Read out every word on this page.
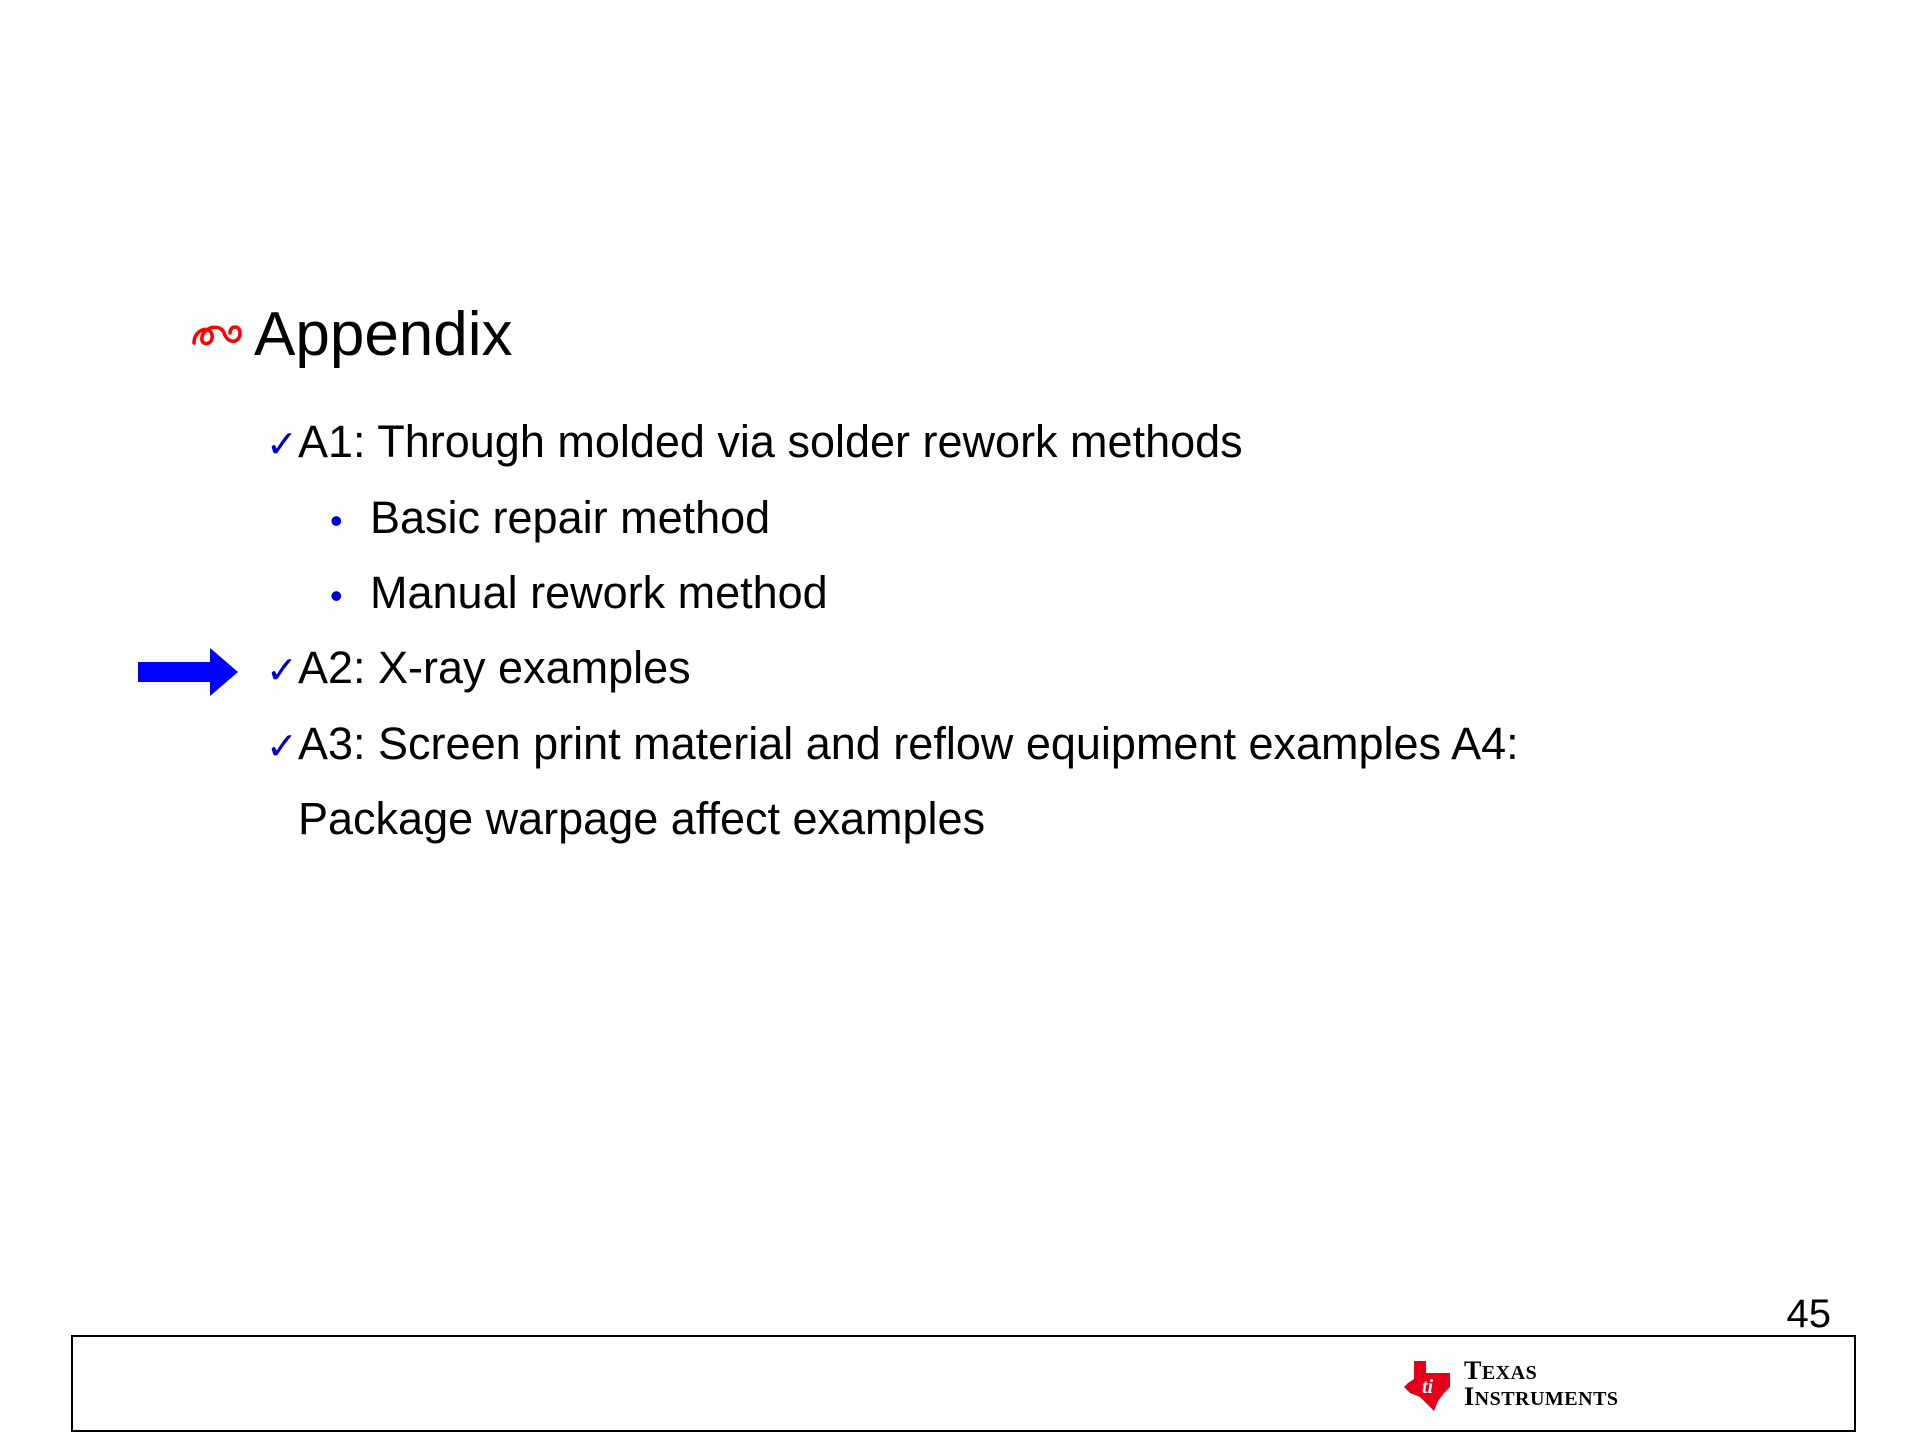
Appendix
✓A1: Through molded via solder rework methods
• Basic repair method
• Manual rework method
✓A2: X-ray examples
✓A3: Screen print material and reflow equipment examples A4:
Package warpage affect examples
45
ti
TEXAS
INSTRUMENTS
